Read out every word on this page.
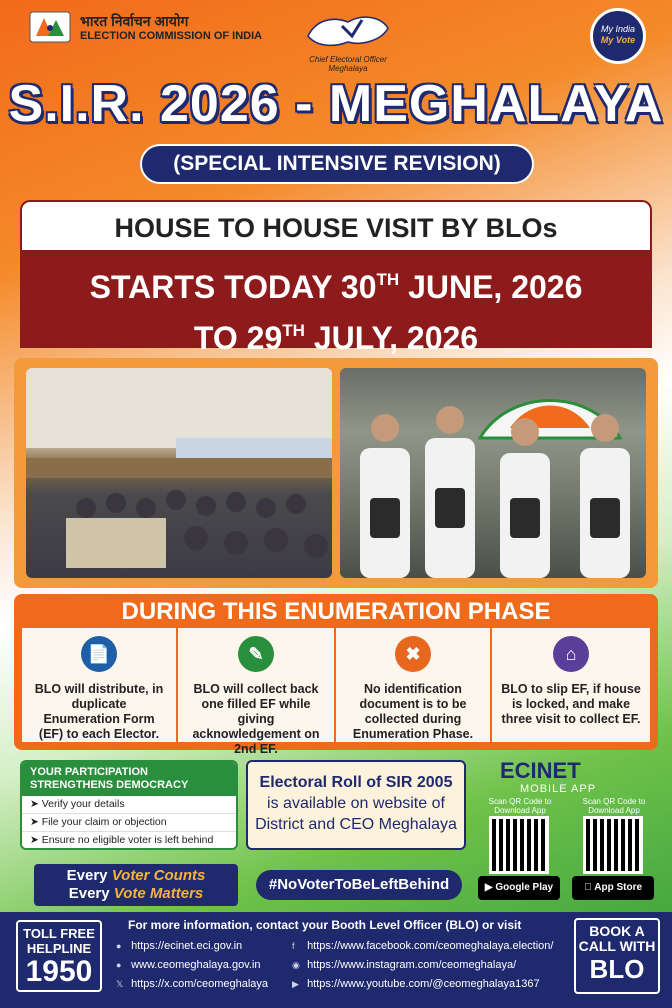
भारत निर्वाचन आयोग
ELECTION COMMISSION OF INDIA
Chief Electoral Officer Meghalaya
My India
My Vote
S.I.R. 2026 - MEGHALAYA
(SPECIAL INTENSIVE REVISION)
HOUSE TO HOUSE VISIT BY BLOs
STARTS TODAY 30TH JUNE, 2026
TO 29TH JULY, 2026
DURING THIS ENUMERATION PHASE
📄
BLO will distribute, in duplicate Enumeration Form (EF) to each Elector.
✎
BLO will collect back one filled EF while giving acknowledgement on 2nd EF.
✖
No identification document is to be collected during Enumeration Phase.
⌂
BLO to slip EF, if house is locked, and make three visit to collect EF.
YOUR PARTICIPATION
STRENGTHENS DEMOCRACY
➤ Verify your details
➤ File your claim or objection
➤ Ensure no eligible voter is left behind
Electoral Roll of SIR 2005
is available on website of
District and CEO Meghalaya
ECINET
MOBILE APP
Scan QR Code to Download App
Scan QR Code to Download App
▶ Google Play	App Store
Every Voter Counts
Every Vote Matters
#NoVoterToBeLeftBehind
TOLL FREE
HELPLINE
1950
For more information, contact your Booth Level Officer (BLO) or visit
● https://ecinet.eci.gov.in
● www.ceomeghalaya.gov.in
𝕏 https://x.com/ceomeghalaya
f https://www.facebook.com/ceomeghalaya.election/
◉ https://www.instagram.com/ceomeghalaya/
▶ https://www.youtube.com/@ceomeghalaya1367
BOOK A
CALL WITH
BLO
